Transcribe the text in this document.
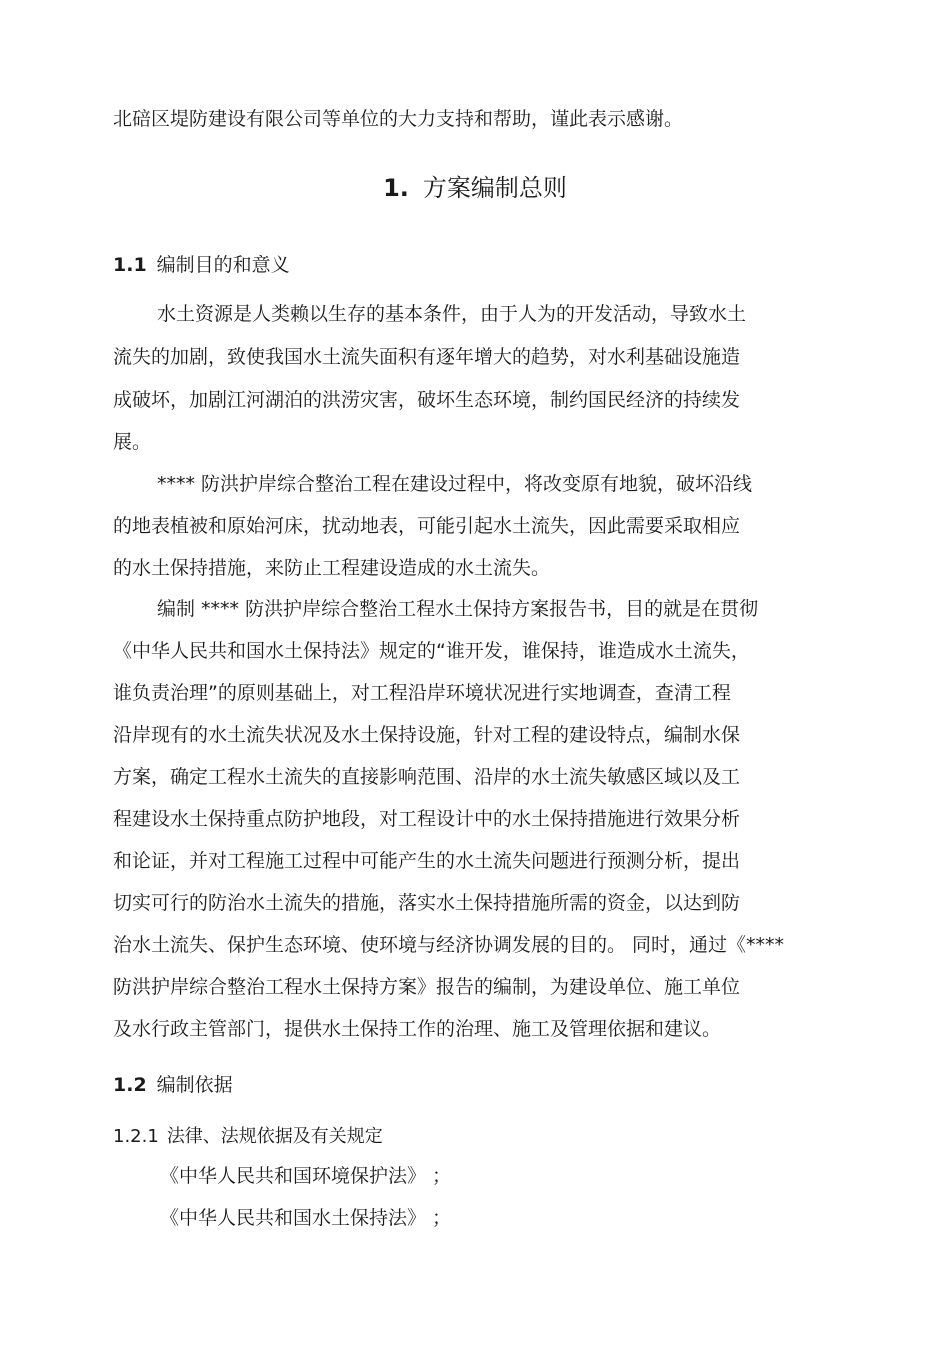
北碚区堤防建设有限公司等单位的大力支持和帮助，谨此表示感谢。
1. 方案编制总则
1.1 编制目的和意义
水土资源是人类赖以生存的基本条件，由于人为的开发活动，导致水土
流失的加剧，致使我国水土流失面积有逐年增大的趋势，对水利基础设施造
成破坏，加剧江河湖泊的洪涝灾害，破坏生态环境，制约国民经济的持续发
展。
**** 防洪护岸综合整治工程在建设过程中，将改变原有地貌，破坏沿线
的地表植被和原始河床，扰动地表，可能引起水土流失，因此需要采取相应
的水土保持措施，来防止工程建设造成的水土流失。
编制 **** 防洪护岸综合整治工程水土保持方案报告书，目的就是在贯彻
《中华人民共和国水土保持法》规定的“谁开发，谁保持，谁造成水土流失，
谁负责治理”的原则基础上，对工程沿岸环境状况进行实地调查，查清工程
沿岸现有的水土流失状况及水土保持设施，针对工程的建设特点，编制水保
方案，确定工程水土流失的直接影响范围、沿岸的水土流失敏感区域以及工
程建设水土保持重点防护地段，对工程设计中的水土保持措施进行效果分析
和论证，并对工程施工过程中可能产生的水土流失问题进行预测分析，提出
切实可行的防治水土流失的措施，落实水土保持措施所需的资金，以达到防
治水土流失、保护生态环境、使环境与经济协调发展的目的。 同时，通过《****
防洪护岸综合整治工程水土保持方案》报告的编制，为建设单位、施工单位
及水行政主管部门，提供水土保持工作的治理、施工及管理依据和建议。
1.2 编制依据
1.2.1 法律、法规依据及有关规定
《中华人民共和国环境保护法》 ；
《中华人民共和国水土保持法》 ；
